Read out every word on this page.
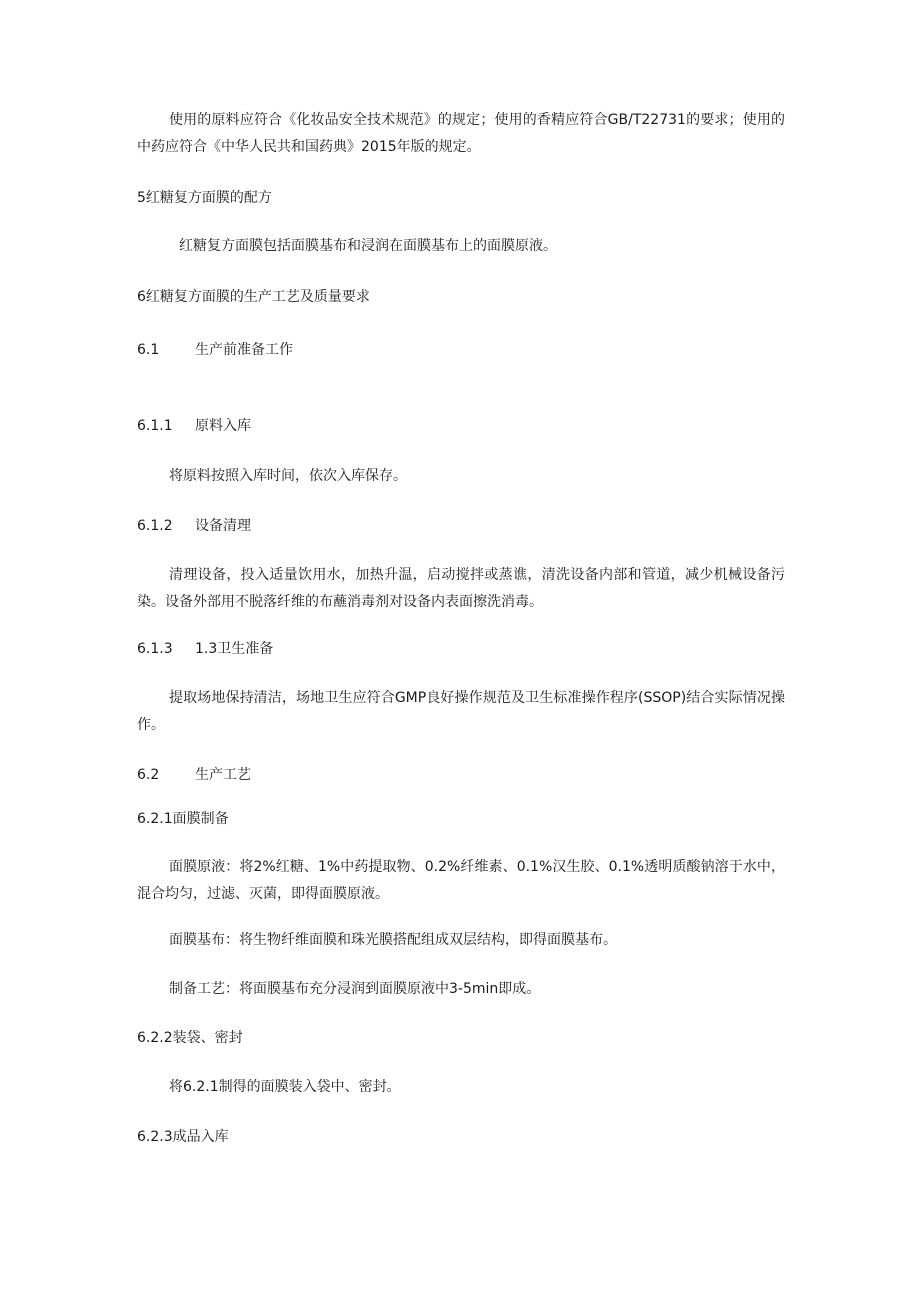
使用的原料应符合《化妆品安全技术规范》的规定；使用的香精应符合GB/T22731的要求；使用的中药应符合《中华人民共和国药典》2015年版的规定。

5红糖复方面膜的配方

红糖复方面膜包括面膜基布和浸润在面膜基布上的面膜原液。

6红糖复方面膜的生产工艺及质量要求
6.1	生产前准备工作
6.1.1 原料入库

将原料按照入库时间，依次入库保存。

6.1.2 设备清理

清理设备，投入适量饮用水，加热升温，启动搅拌或蒸谯，清洗设备内部和管道，减少机械设备污染。设备外部用不脱落纤维的布蘸消毒剂对设备内表面擦洗消毒。

6.1.3 1.3卫生准备

提取场地保持清洁，场地卫生应符合GMP良好操作规范及卫生标准操作程序(SSOP)结合实际情况操作。

6.2	生产工艺
6.2.1面膜制备

面膜原液：将2%红糖、1%中药提取物、0.2%纤维素、0.1%汉生胶、0.1%透明质酸钠溶于水中，混合均匀，过滤、灭菌，即得面膜原液。

面膜基布：将生物纤维面膜和珠光膜搭配组成双层结构，即得面膜基布。

制备工艺：将面膜基布充分浸润到面膜原液中3-5min即成。

6.2.2装袋、密封

将6.2.1制得的面膜装入袋中、密封。

6.2.3成品入库
